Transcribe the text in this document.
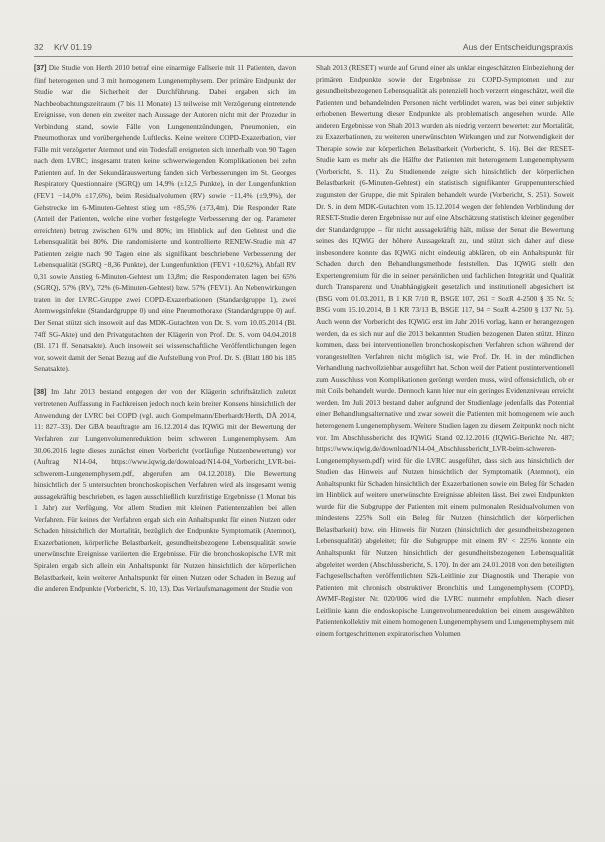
32 KrV 01.19	Aus der Entscheidungspraxis

[37] Die Studie von Herth 2010 betraf eine einarmige Fallserie mit 11 Patienten, davon fünf heterogenen und 3 mit homogenem Lungenemphysem. Der primäre Endpunkt der Studie war die Sicherheit der Durchführung. Dabei ergaben sich im Nachbeobachtungszeitraum (7 bis 11 Monate) 13 teilweise mit Verzögerung eintretende Ereignisse, von denen ein zweiter nach Aussage der Autoren nicht mit der Prozedur in Verbindung stand, sowie Fälle von Lungenentzündungen, Pneumonien, ein Pneumothorax und vorübergehende Luftlecks. Keine weitere COPD-Exazerbation, vier Fälle mit verzögerter Atemnot und ein Todesfall ereigneten sich innerhalb von 90 Tagen nach dem LVRC; insgesamt traten keine schwerwiegenden Komplikationen bei zehn Patienten auf. In der Sekundärauswertung fanden sich Verbesserungen im St. Georges Respiratory Questionnaire (SGRQ) um 14,9% (±12,5 Punkte), in der Lungenfunktion (FEV1 −14,0% ±17,6%), beim Residualvolumen (RV) sowie −11,4% (±9,9%), der Gehstrecke im 6-Minuten-Gehtest stieg um +85,5% (±73,4m). Die Responder Rate (Anteil der Patienten, welche eine vorher festgelegte Verbesserung der og. Parameter erreichten) betrug zwischen 61% und 80%; im Hinblick auf den Gehtest und die Lebensqualität bei 80%. Die randomisierte und kontrollierte RENEW-Studie mit 47 Patienten zeigte nach 90 Tagen eine als signifikant beschriebene Verbesserung der Lebensqualität (SGRQ −8,36 Punkte), der Lungenfunktion (FEV1 +10,62%), Abfall RV 0,31 sowie Anstieg 6-Minuten-Gehtest um 13,8m; die Responderraten lagen bei 65% (SGRQ), 57% (RV), 72% (6-Minuten-Gehtest) bzw. 57% (FEV1). An Nebenwirkungen traten in der LVRC-Gruppe zwei COPD-Exazerbationen (Standardgruppe 1), zwei Atemwegsinfekte (Standardgruppe 0) und eine Pneumothoraxe (Standardgruppe 0) auf. Der Senat stützt sich insoweit auf das MDK-Gutachten von Dr. S. vom 10.05.2014 (Bl. 74ff SG-Akte) und den Privatgutachten der Klägerin von Prof. Dr. S. vom 04.04.2018 (Bl. 171 ff. Senatsakte). Auch insoweit sei wissenschaftliche Veröffentlichungen legen vor, soweit damit der Senat Bezug auf die Aufstellung von Prof. Dr. S. (Blatt 180 bis 185 Senatsakte).

[38] Im Jahr 2013 bestand entgegen der von der Klägerin schriftsätzlich zuletzt vertretenen Auffassung in Fachkreisen jedoch noch kein breiter Konsens hinsichtlich der Anwendung der LVRC bei COPD (vgl. auch Gompelmann/Eberhardt/Herth, DÄ 2014, 11: 827–33). Der GBA beauftragte am 16.12.2014 das IQWiG mit der Bewertung der Verfahren zur Lungenvolumenreduktion beim schweren Lungenemphysem. Am 30.06.2016 legte dieses zunächst einen Vorbericht (vorläufige Nutzenbewertung) vor (Auftrag N14-04, https://www.iqwig.de/download/N14-04_Vorbericht_LVR-bei-schwerem-Lungenemphysem.pdf, abgerufen am 04.12.2018). Die Bewertung hinsichtlich der 5 untersuchten bronchoskopischen Verfahren wird als insgesamt wenig aussagekräftig beschrieben, es lagen ausschließlich kurzfristige Ergebnisse (1 Monat bis 1 Jahr) zur Verfügung. Vor allem Studien mit kleinen Patientenzahlen bei allen Verfahren. Für keines der Verfahren ergab sich ein Anhaltspunkt für einen Nutzen oder Schaden hinsichtlich der Mortalität, bezüglich der Endpunkte Symptomatik (Atemnot), Exazerbationen, körperliche Belastbarkeit, gesundheitsbezogene Lebensqualität sowie unerwünschte Ereignisse variierten die Ergebnisse. Für die bronchoskopische LVR mit Spiralen ergab sich allein ein Anhaltspunkt für Nutzen hinsichtlich der körperlichen Belastbarkeit, kein weiterer Anhaltspunkt für einen Nutzen oder Schaden in Bezug auf die anderen Endpunkte (Vorbericht, S. 10, 13). Das Verlaufsmanagement der Studie von

Shah 2013 (RESET) wurde auf Grund einer als unklar eingeschätzten Einbeziehung der primären Endpunkte sowie der Ergebnisse zu COPD-Symptomen und zur gesundheitsbezogenen Lebensqualität als potenziell hoch verzerrt eingeschätzt, weil die Patienten und behandelnden Personen nicht verblindet waren, was bei einer subjektiv erhobenen Bewertung dieser Endpunkte als problematisch angesehen wurde. Alle anderen Ergebnisse von Shah 2013 wurden als niedrig verzerrt bewertet: zur Mortalität, zu Exazerbationen, zu weiteren unerwünschten Wirkungen und zur Notwendigkeit der Therapie sowie zur körperlichen Belastbarkeit (Vorbericht, S. 16). Bei der RESET-Studie kam es mehr als die Hälfte der Patienten mit heterogenem Lungenemphysem (Vorbericht, S. 11). Zu Studienende zeigte sich hinsichtlich der körperlichen Belastbarkeit (6-Minuten-Gehtest) ein statistisch signifikanter Gruppenunterschied zugunsten der Gruppe, die mit Spiralen behandelt wurde (Vorbericht, S. 251). Soweit Dr. S. in dem MDK-Gutachten vom 15.12.2014 wegen der fehlenden Verblindung der RESET-Studie deren Ergebnisse nur auf eine Abschätzung statistisch kleiner gegenüber der Standardgruppe – für nicht aussagekräftig hält, müsse der Senat die Bewertung seines des IQWiG der höhere Aussagekraft zu, und stützt sich daher auf diese insbesondere konnte das IQWiG nicht eindeutig abklären, ob ein Anhaltspunkt für Schaden durch den Behandlungsmethode feststellen. Das IQWiG stellt den Expertengremium für die in seiner persönlichen und fachlichen Integrität und Qualität durch Transparenz und Unabhängigkeit gesetzlich und institutionell abgesichert ist (BSG vom 01.03.2011, B 1 KR 7/10 R, BSGE 107, 261 = SozR 4-2500 § 35 Nr. 5; BSG vom 15.10.2014, B 1 KR 73/13 B, BSGE 117, 94 = SozR 4-2500 § 137 Nr. 5). Auch wenn der Vorbericht des IQWiG erst im Jahr 2016 vorlag, kann er herangezogen werden, da es sich nur auf die 2013 bekannten Studien bezogenen Daten stützt. Hinzu kommen, dass bei interventionellen bronchoskopischen Verfahren schon während der vorangestellten Verfahren nicht möglich ist, wie Prof. Dr. H. in der mündlichen Verhandlung nachvollziehbar ausgeführt hat. Schon weil der Patient postinterventionell zum Ausschluss von Komplikationen geröntgt werden muss, wird offensichtlich, ob er mit Coils behandelt wurde. Dennoch kann hier nur ein geringes Evidenzniveau erreicht werden. Im Juli 2013 bestand daher aufgrund der Studienlage jedenfalls das Potential einer Behandlungsalternative und zwar soweit die Patienten mit homogenem wie auch heterogenem Lungenemphysem. Weitere Studien lagen zu diesem Zeitpunkt noch nicht vor. Im Abschlussbericht des IQWiG Stand 02.12.2016 (IQWiG-Berichte Nr. 487; https://www.iqwig.de/download/N14-04_Abschlussbericht_LVR-beim-schweren-Lungenemphysem.pdf) wird für die LVRC ausgeführt, dass sich aus hinsichtlich der Studien das Hinweis auf Nutzen hinsichtlich der Symptomatik (Atemnot), ein Anhaltspunkt für Schaden hinsichtlich der Exazerbationen sowie ein Beleg für Schaden im Hinblick auf weitere unerwünschte Ereignisse ableiten lässt. Bei zwei Endpunkten wurde für die Subgruppe der Patienten mit einem pulmonalen Residualvolumen von mindestens 225% Soll ein Beleg für Nutzen (hinsichtlich der körperlichen Belastbarkeit) bzw. ein Hinweis für Nutzen (hinsichtlich der gesundheitsbezogenen Lebensqualität) abgeleitet; für die Subgruppe mit einem RV < 225% konnte ein Anhaltspunkt für Nutzen hinsichtlich der gesundheitsbezogenen Lebensqualität abgeleitet werden (Abschlussbericht, S. 170). In der am 24.01.2018 von den beteiligten Fachgesellschaften veröffentlichten S2k-Leitlinie zur Diagnostik und Therapie von Patienten mit chronisch obstruktiver Bronchitis und Lungenemphysem (COPD), AWMF-Register Nr. 020/006 wird die LVRC nunmehr empfohlen. Nach dieser Leitlinie kann die endoskopische Lungenvolumenreduktion bei einem ausgewählten Patientenkollektiv mit einem homogenen Lungenemphysem und Lungenemphysem mit einem fortgeschrittenen expiratorischen Volumen
